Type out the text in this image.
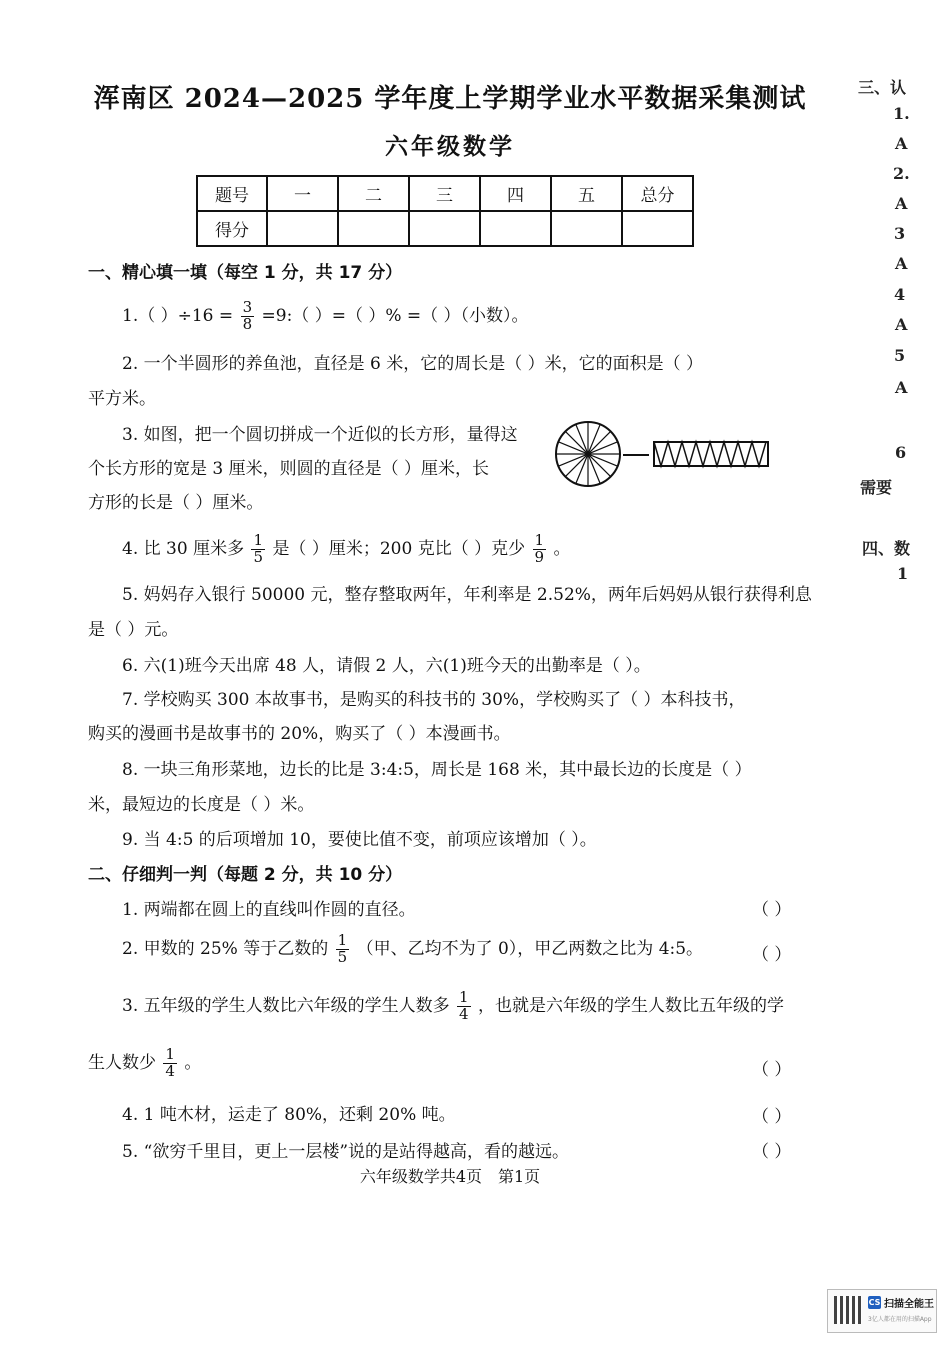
浑南区 2024—2025 学年度上学期学业水平数据采集测试
六年级数学
题号	一	二	三	四	五	总分
得分						
一、精心填一填（每空 1 分，共 17 分）
1.（ ）$\div 16 = \frac{3}{8}$ =9:（ ）=（ ）% =（ ）（小数）。
2. 一个半圆形的养鱼池，直径是 6 米，它的周长是（ ）米，它的面积是（ ）
平方米。
3. 如图，把一个圆切拼成一个近似的长方形，量得这
个长方形的宽是 3 厘米，则圆的直径是（ ）厘米，长
方形的长是（ ）厘米。
4. 比 30 厘米多 $\frac{1}{5}$ 是（ ）厘米；200 克比（ ）克少 $\frac{1}{9}$ 。
5. 妈妈存入银行 50000 元，整存整取两年，年利率是 2.52%，两年后妈妈从银行获得利息
是（ ）元。
6. 六(1)班今天出席 48 人，请假 2 人，六(1)班今天的出勤率是（ ）。
7. 学校购买 300 本故事书，是购买的科技书的 30%，学校购买了（ ）本科技书，
购买的漫画书是故事书的 20%，购买了（ ）本漫画书。
8. 一块三角形菜地，边长的比是 3:4:5，周长是 168 米，其中最长边的长度是（ ）
米，最短边的长度是（ ）米。
9. 当 4:5 的后项增加 10，要使比值不变，前项应该增加（ ）。
二、仔细判一判（每题 2 分，共 10 分）
1. 两端都在圆上的直线叫作圆的直径。	（ ）
2. 甲数的 25% 等于乙数的 $\frac{1}{5}$ （甲、乙均不为了 0），甲乙两数之比为 4:5。	（ ）
3. 五年级的学生人数比六年级的学生人数多 $\frac{1}{4}$ ，也就是六年级的学生人数比五年级的学
生人数少 $\frac{1}{4}$ 。	（ ）
4. 1 吨木材，运走了 80%，还剩 20% 吨。	（ ）
5. “欲穷千里目，更上一层楼”说的是站得越高，看的越远。	（ ）
六年级数学共4页　第1页
三、认
1.
A
2.
A
3
A
4
A
5
A
6
需要
四、数
1
CS 扫描全能王
3亿人都在用的扫描App
